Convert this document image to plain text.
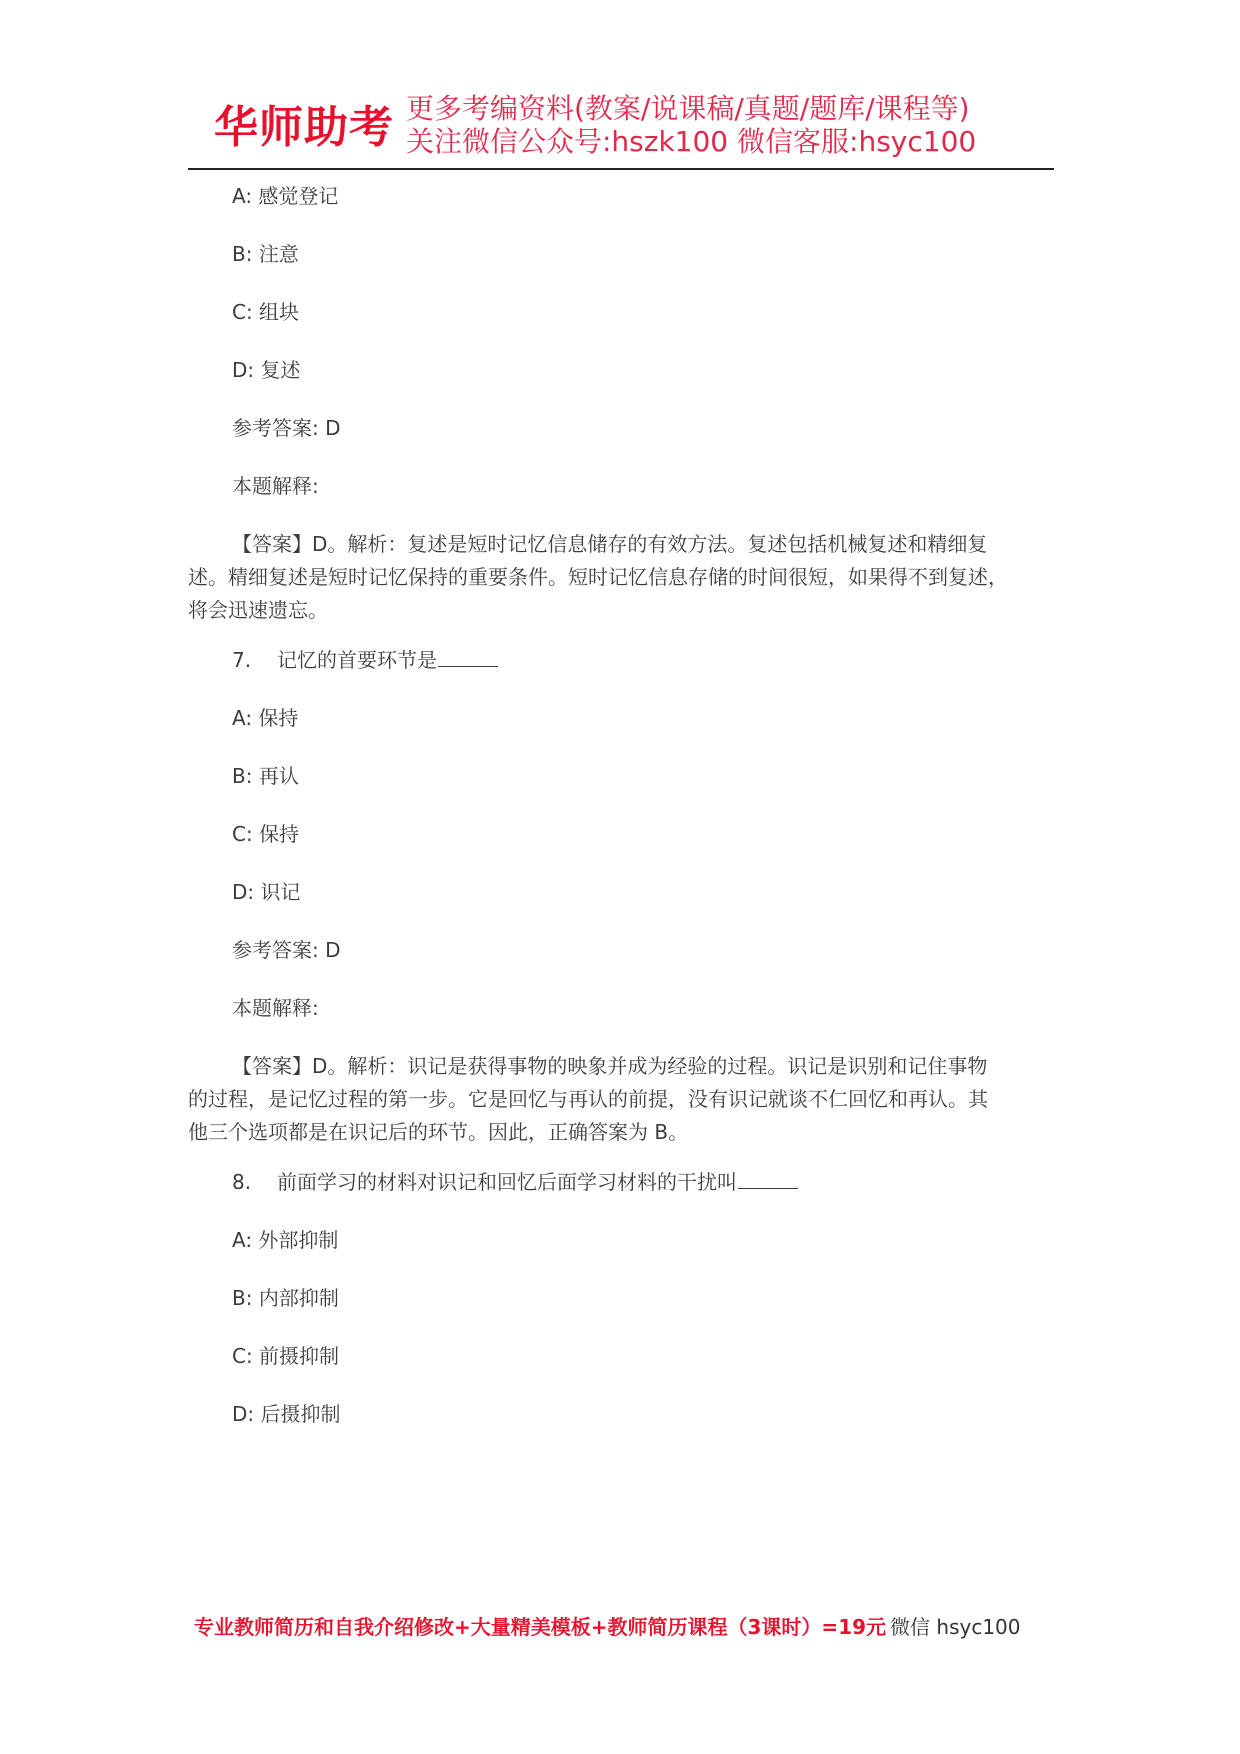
华师助考 更多考编资料(教案/说课稿/真题/题库/课程等)
关注微信公众号:hszk100 微信客服:hsyc100
A: 感觉登记
B: 注意
C: 组块
D: 复述
参考答案: D
本题解释:
【答案】D。解析：复述是短时记忆信息储存的有效方法。复述包括机械复述和精细复
述。精细复述是短时记忆保持的重要条件。短时记忆信息存储的时间很短，如果得不到复述，
将会迅速遗忘。
7. 记忆的首要环节是
A: 保持
B: 再认
C: 保持
D: 识记
参考答案: D
本题解释:
【答案】D。解析：识记是获得事物的映象并成为经验的过程。识记是识别和记住事物
的过程，是记忆过程的第一步。它是回忆与再认的前提，没有识记就谈不仁回忆和再认。其
他三个选项都是在识记后的环节。因此，正确答案为 B。
8. 前面学习的材料对识记和回忆后面学习材料的干扰叫
A: 外部抑制
B: 内部抑制
C: 前摄抑制
D: 后摄抑制
专业教师简历和自我介绍修改+大量精美模板+教师简历课程（3课时）=19元 微信 hsyc100
